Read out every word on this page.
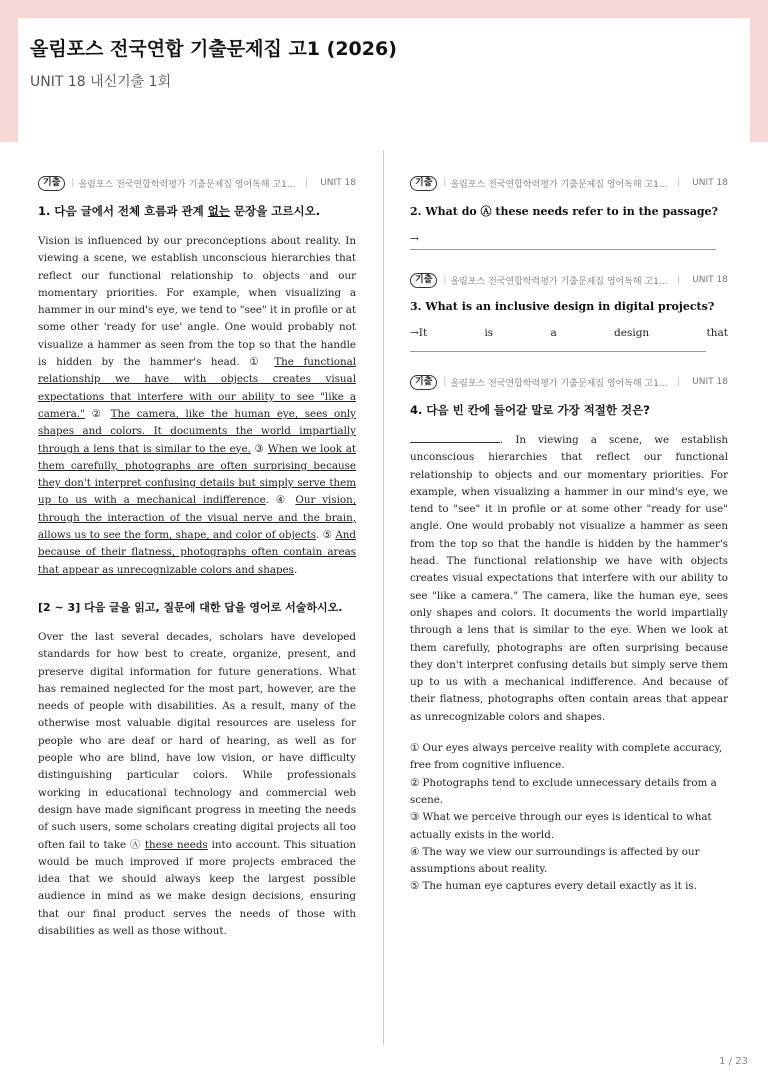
올림포스 전국연합 기출문제집 고1 (2026)
UNIT 18 내신기출 1회
기출	| 올림포스 전국연합학력평가 기출문제집 영어독해 고1...	| UNIT 18
1. 다음 글에서 전체 흐름과 관계 없는 문장을 고르시오.

Vision is influenced by our preconceptions about reality. In viewing a scene, we establish unconscious hierarchies that reflect our functional relationship to objects and our momentary priorities. For example, when visualizing a hammer in our mind's eye, we tend to "see" it in profile or at some other 'ready for use' angle. One would probably not visualize a hammer as seen from the top so that the handle is hidden by the hammer's head. ① The functional relationship we have with objects creates visual expectations that interfere with our ability to see "like a camera." ② The camera, like the human eye, sees only shapes and colors. It documents the world impartially through a lens that is similar to the eye. ③ When we look at them carefully, photographs are often surprising because they don't interpret confusing details but simply serve them up to us with a mechanical indifference. ④ Our vision, through the interaction of the visual nerve and the brain, allows us to see the form, shape, and color of objects. ⑤ And because of their flatness, photographs often contain areas that appear as unrecognizable colors and shapes.

[2 ~ 3] 다음 글을 읽고, 질문에 대한 답을 영어로 서술하시오.

Over the last several decades, scholars have developed standards for how best to create, organize, present, and preserve digital information for future generations. What has remained neglected for the most part, however, are the needs of people with disabilities. As a result, many of the otherwise most valuable digital resources are useless for people who are deaf or hard of hearing, as well as for people who are blind, have low vision, or have difficulty distinguishing particular colors. While professionals working in educational technology and commercial web design have made significant progress in meeting the needs of such users, some scholars creating digital projects all too often fail to take Ⓐ these needs into account. This situation would be much improved if more projects embraced the idea that we should always keep the largest possible audience in mind as we make design decisions, ensuring that our final product serves the needs of those with disabilities as well as those without.

기출	| 올림포스 전국연합학력평가 기출문제집 영어독해 고1...	| UNIT 18
2. What do Ⓐ these needs refer to in the passage?
→
기출	| 올림포스 전국연합학력평가 기출문제집 영어독해 고1...	| UNIT 18
3. What is an inclusive design in digital projects?
→It	is	a	design	that
기출	| 올림포스 전국연합학력평가 기출문제집 영어독해 고1...	| UNIT 18
4. 다음 빈 칸에 들어갈 말로 가장 적절한 것은?

. In viewing a scene, we establish unconscious hierarchies that reflect our functional relationship to objects and our momentary priorities. For example, when visualizing a hammer in our mind's eye, we tend to "see" it in profile or at some other "ready for use" angle. One would probably not visualize a hammer as seen from the top so that the handle is hidden by the hammer's head. The functional relationship we have with objects creates visual expectations that interfere with our ability to see "like a camera." The camera, like the human eye, sees only shapes and colors. It documents the world impartially through a lens that is similar to the eye. When we look at them carefully, photographs are often surprising because they don't interpret confusing details but simply serve them up to us with a mechanical indifference. And because of their flatness, photographs often contain areas that appear as unrecognizable colors and shapes.

① Our eyes always perceive reality with complete accuracy, free from cognitive influence.

② Photographs tend to exclude unnecessary details from a scene.

③ What we perceive through our eyes is identical to what actually exists in the world.

④ The way we view our surroundings is affected by our assumptions about reality.

⑤ The human eye captures every detail exactly as it is.

1 / 23
